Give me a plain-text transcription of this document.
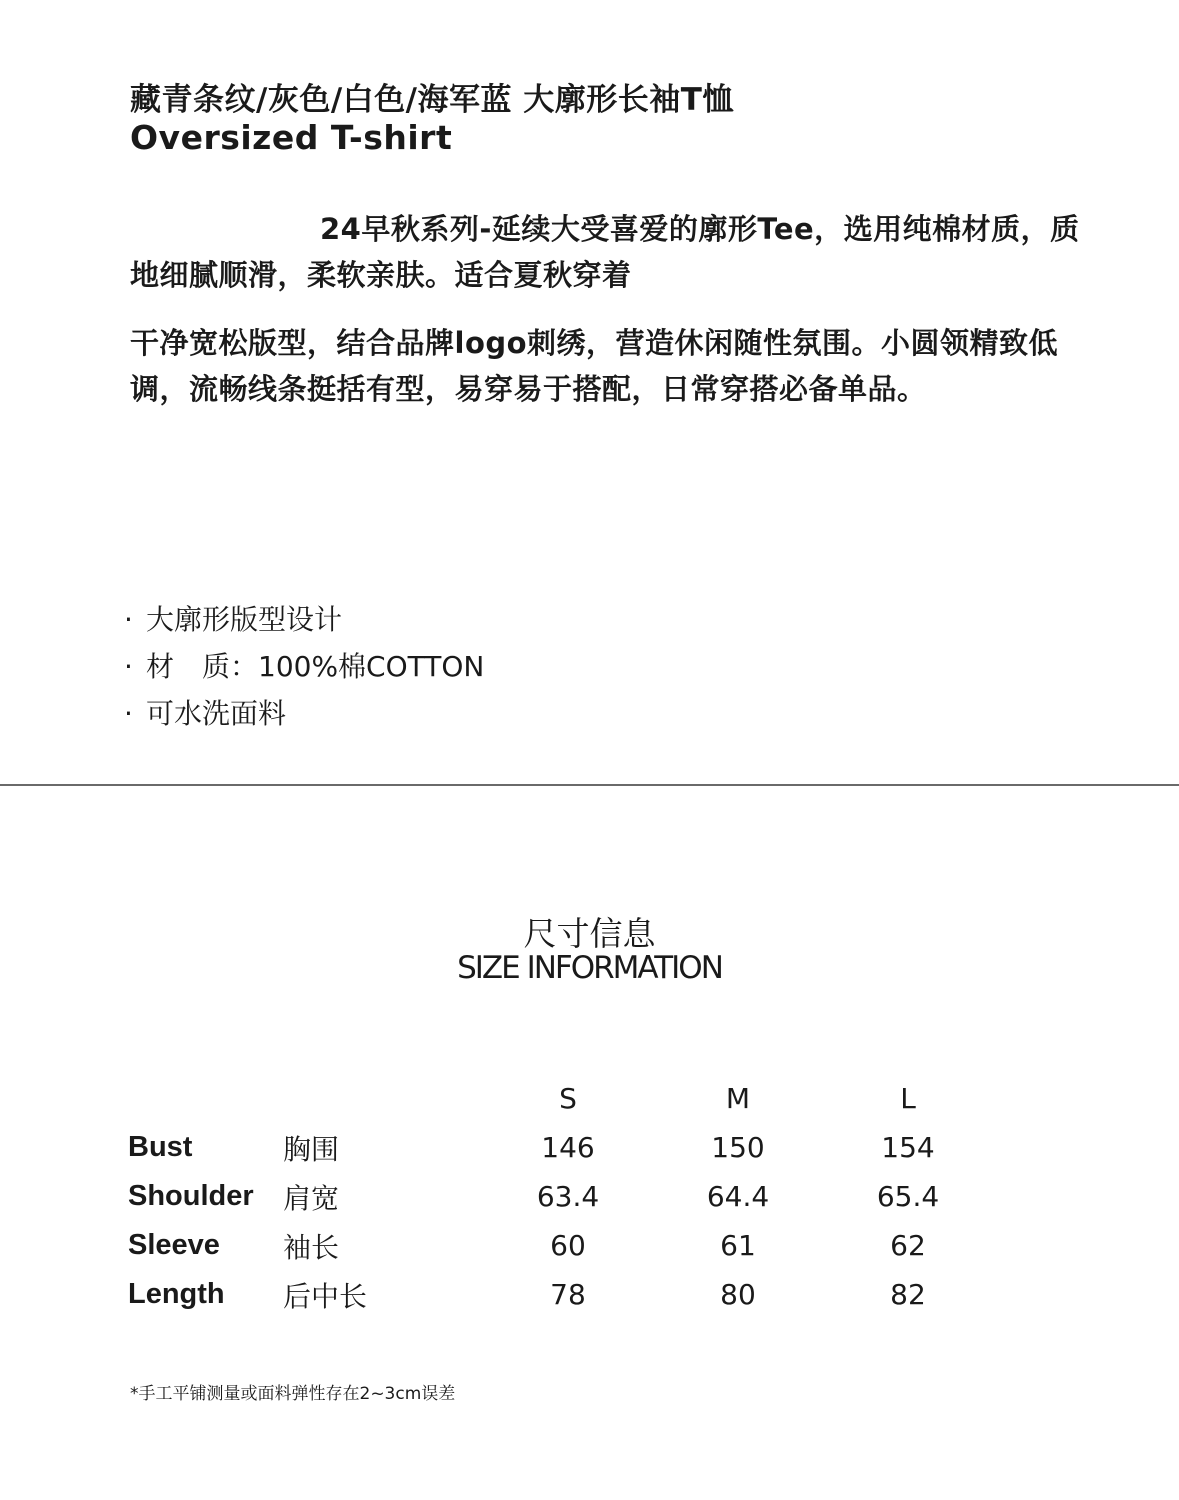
藏青条纹/灰色/白色/海军蓝 大廓形长袖T恤
Oversized T-shirt
24早秋系列-延续大受喜爱的廓形Tee，选用纯棉材质，质地细腻顺滑，柔软亲肤。适合夏秋穿着
干净宽松版型，结合品牌logo刺绣，营造休闲随性氛围。小圆领精致低调，流畅线条挺括有型，易穿易于搭配，日常穿搭必备单品。
· 大廓形版型设计
· 材　质：100%棉COTTON
· 可水洗面料
尺寸信息
SIZE INFORMATION
		S	M	L
Bust	胸围	146	150	154
Shoulder	肩宽	63.4	64.4	65.4
Sleeve	袖长	60	61	62
Length	后中长	78	80	82
*手工平铺测量或面料弹性存在2~3cm误差
